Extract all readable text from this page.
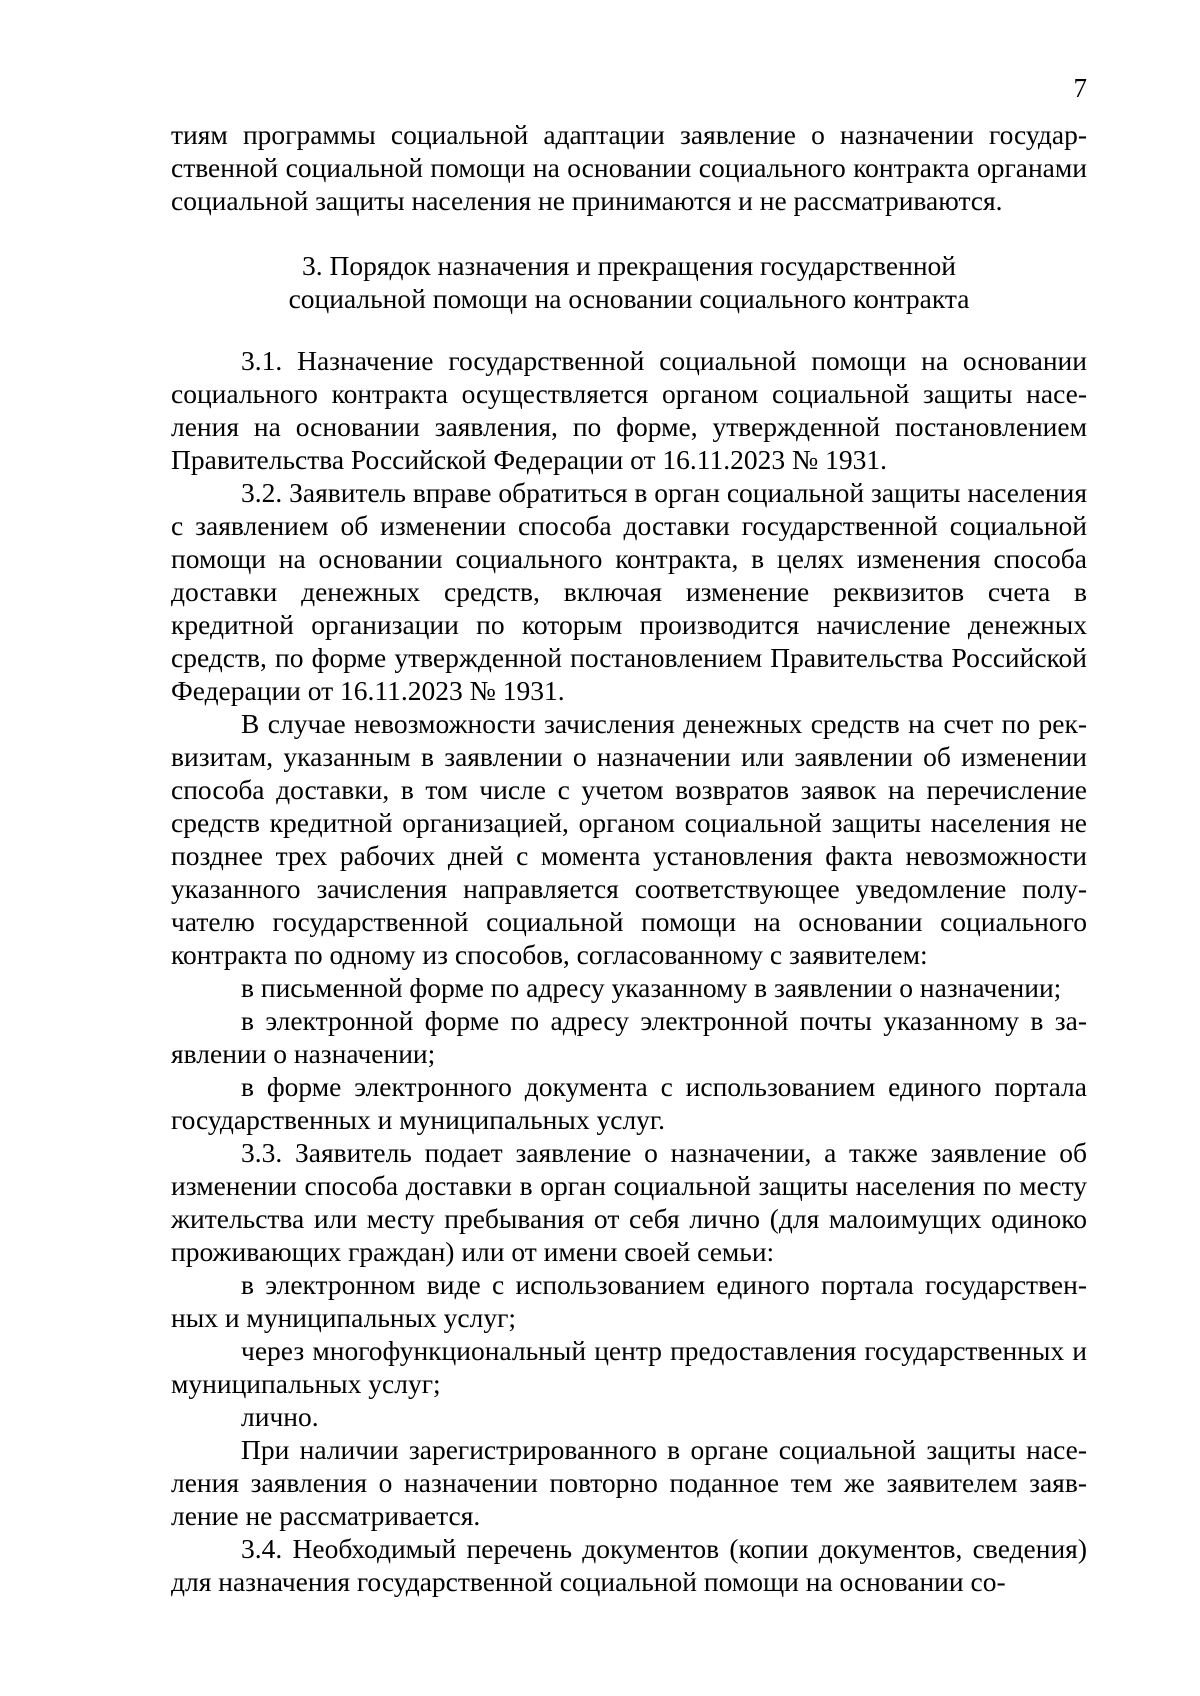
7

тиям программы социальной адаптации заявление о назначении государственной социальной помощи на основании социального контракта органами социальной защиты населения не принимаются и не рассматриваются.

3. Порядок назначения и прекращения государственной
социальной помощи на основании социального контракта

3.1. Назначение государственной социальной помощи на основании социального контракта осуществляется органом социальной защиты населения на основании заявления, по форме, утвержденной постановлением Правительства Российской Федерации от 16.11.2023 № 1931.

3.2. Заявитель вправе обратиться в орган социальной защиты населения с заявлением об изменении способа доставки государственной социальной помощи на основании социального контракта, в целях изменения способа доставки денежных средств, включая изменение реквизитов счета в кредитной организации по которым производится начисление денежных средств, по форме утвержденной постановлением Правительства Российской Федерации от 16.11.2023 № 1931.

В случае невозможности зачисления денежных средств на счет по реквизитам, указанным в заявлении о назначении или заявлении об изменении способа доставки, в том числе с учетом возвратов заявок на перечисление средств кредитной организацией, органом социальной защиты населения не позднее трех рабочих дней с момента установления факта невозможности указанного зачисления направляется соответствующее уведомление получателю государственной социальной помощи на основании социального контракта по одному из способов, согласованному с заявителем:

в письменной форме по адресу указанному в заявлении о назначении;

в электронной форме по адресу электронной почты указанному в заявлении о назначении;

в форме электронного документа с использованием единого портала государственных и муниципальных услуг.

3.3. Заявитель подает заявление о назначении, а также заявление об изменении способа доставки в орган социальной защиты населения по месту жительства или месту пребывания от себя лично (для малоимущих одиноко проживающих граждан) или от имени своей семьи:

в электронном виде с использованием единого портала государственных и муниципальных услуг;

через многофункциональный центр предоставления государственных и муниципальных услуг;

лично.

При наличии зарегистрированного в органе социальной защиты населения заявления о назначении повторно поданное тем же заявителем заявление не рассматривается.

3.4. Необходимый перечень документов (копии документов, сведения) для назначения государственной социальной помощи на основании со-
